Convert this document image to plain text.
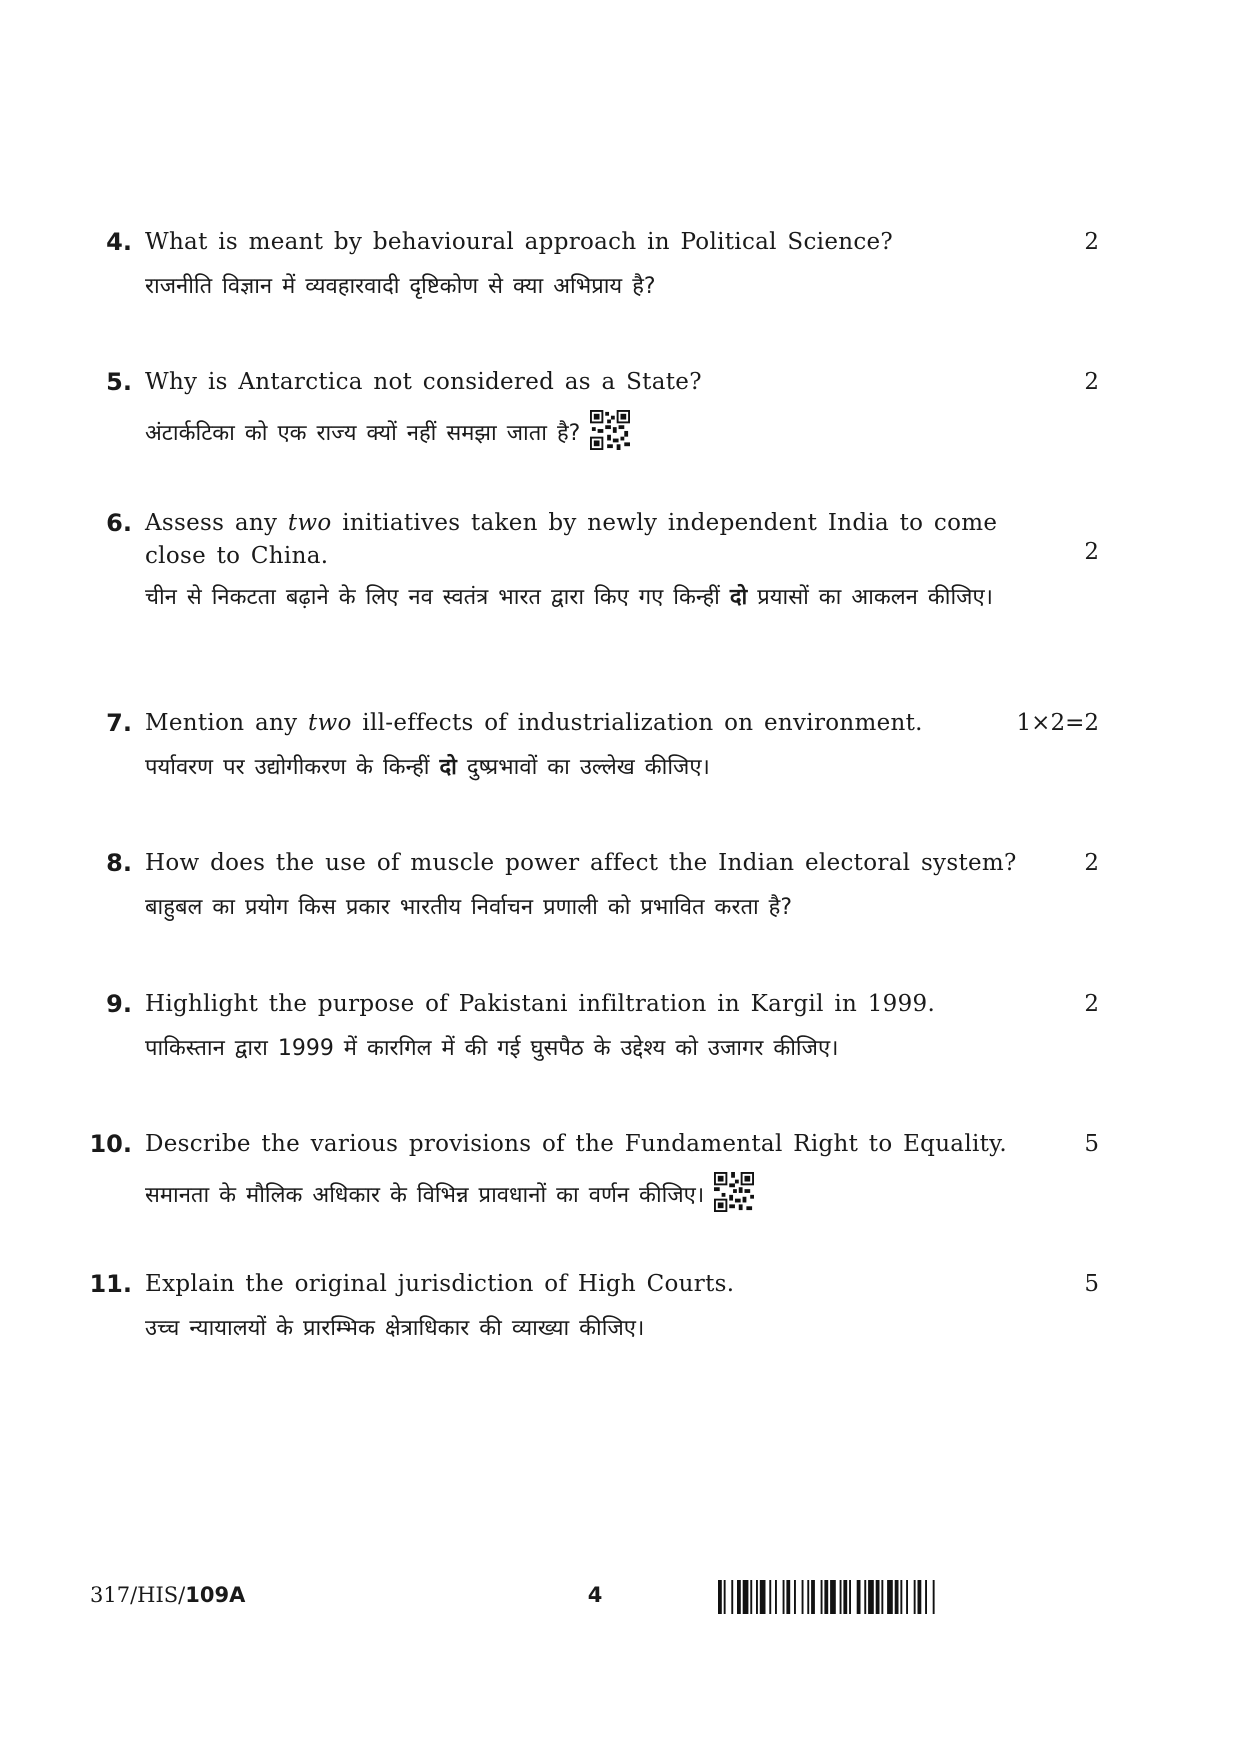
4. What is meant by behavioural approach in Political Science?	2
राजनीति विज्ञान में व्यवहारवादी दृष्टिकोण से क्या अभिप्राय है?
5. Why is Antarctica not considered as a State?	2
अंटार्कटिका को एक राज्य क्यों नहीं समझा जाता है?
6. Assess any two initiatives taken by newly independent India to come close to China.	2
चीन से निकटता बढ़ाने के लिए नव स्वतंत्र भारत द्वारा किए गए किन्हीं दो प्रयासों का आकलन कीजिए।
7. Mention any two ill-effects of industrialization on environment.	1×2=2
पर्यावरण पर उद्योगीकरण के किन्हीं दो दुष्प्रभावों का उल्लेख कीजिए।
8. How does the use of muscle power affect the Indian electoral system?	2
बाहुबल का प्रयोग किस प्रकार भारतीय निर्वाचन प्रणाली को प्रभावित करता है?
9. Highlight the purpose of Pakistani infiltration in Kargil in 1999.	2
पाकिस्तान द्वारा 1999 में कारगिल में की गई घुसपैठ के उद्देश्य को उजागर कीजिए।
10. Describe the various provisions of the Fundamental Right to Equality.	5
समानता के मौलिक अधिकार के विभिन्न प्रावधानों का वर्णन कीजिए।
11. Explain the original jurisdiction of High Courts.	5
उच्च न्यायालयों के प्रारम्भिक क्षेत्राधिकार की व्याख्या कीजिए।
317/HIS/109A	4
